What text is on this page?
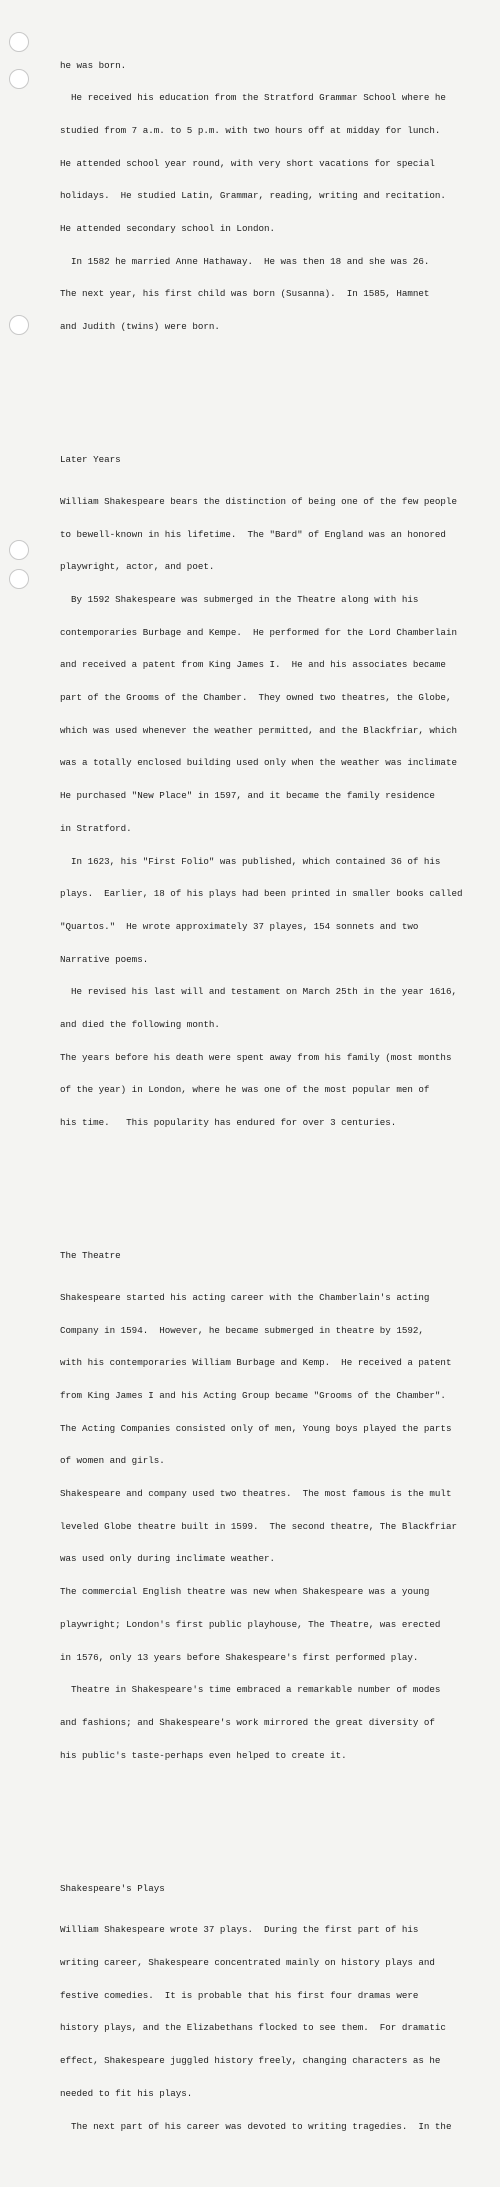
he was born.

He received his education from the Stratford Grammar School where he

studied from 7 a.m. to 5 p.m. with two hours off at midday for lunch.

He attended school year round, with very short vacations for special

holidays.  He studied Latin, Grammar, reading, writing and recitation.

He attended secondary school in London.

In 1582 he married Anne Hathaway.  He was then 18 and she was 26.

The next year, his first child was born (Susanna).  In 1585, Hamnet

and Judith (twins) were born.

Later Years

William Shakespeare bears the distinction of being one of the few people

to bewell-known in his lifetime.  The "Bard" of England was an honored

playwright, actor, and poet.

By 1592 Shakespeare was submerged in the Theatre along with his

contemporaries Burbage and Kempe.  He performed for the Lord Chamberlain

and received a patent from King James I.  He and his associates became

part of the Grooms of the Chamber.  They owned two theatres, the Globe,

which was used whenever the weather permitted, and the Blackfriar, which

was a totally enclosed building used only when the weather was inclimate

He purchased "New Place" in 1597, and it became the family residence

in Stratford.

In 1623, his "First Folio" was published, which contained 36 of his

plays.  Earlier, 18 of his plays had been printed in smaller books called

"Quartos."  He wrote approximately 37 playes, 154 sonnets and two

Narrative poems.

He revised his last will and testament on March 25th in the year 1616,

and died the following month.

The years before his death were spent away from his family (most months

of the year) in London, where he was one of the most popular men of

his time.   This popularity has endured for over 3 centuries.

The Theatre

Shakespeare started his acting career with the Chamberlain's acting

Company in 1594.  However, he became submerged in theatre by 1592,

with his contemporaries William Burbage and Kemp.  He received a patent

from King James I and his Acting Group became "Grooms of the Chamber".

The Acting Companies consisted only of men, Young boys played the parts

of women and girls.

Shakespeare and company used two theatres.  The most famous is the mult

leveled Globe theatre built in 1599.  The second theatre, The Blackfriar

was used only during inclimate weather.

The commercial English theatre was new when Shakespeare was a young

playwright; London's first public playhouse, The Theatre, was erected

in 1576, only 13 years before Shakespeare's first performed play.

Theatre in Shakespeare's time embraced a remarkable number of modes

and fashions; and Shakespeare's work mirrored the great diversity of

his public's taste-perhaps even helped to create it.

Shakespeare's Plays

William Shakespeare wrote 37 plays.  During the first part of his

writing career, Shakespeare concentrated mainly on history plays and

festive comedies.  It is probable that his first four dramas were

history plays, and the Elizabethans flocked to see them.  For dramatic

effect, Shakespeare juggled history freely, changing characters as he

needed to fit his plays.

The next part of his career was devoted to writing tragedies.  In the
